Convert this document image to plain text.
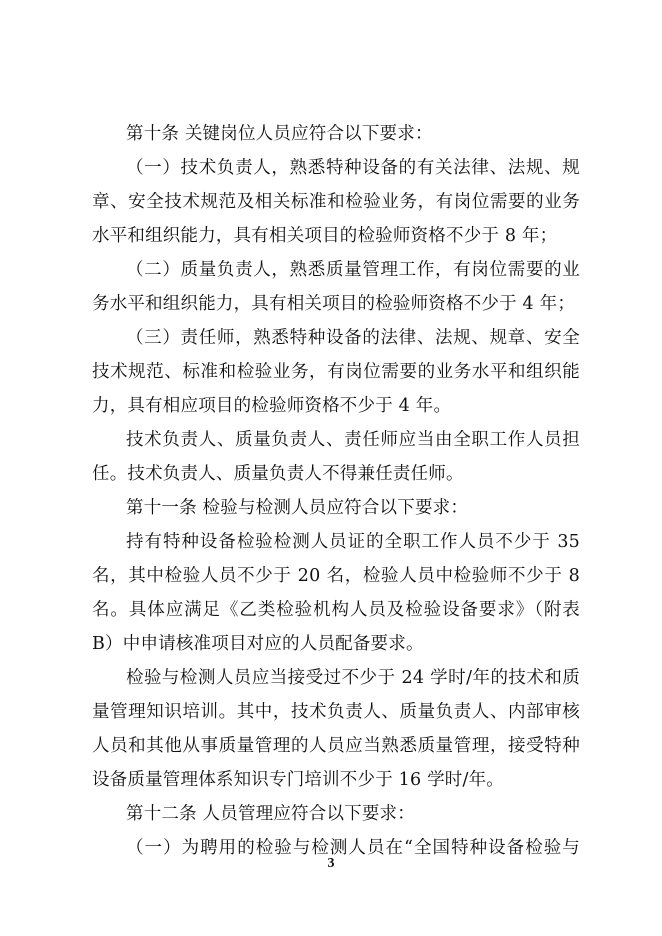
第十条 关键岗位人员应符合以下要求：
（一）技术负责人，熟悉特种设备的有关法律、法规、规
章、安全技术规范及相关标准和检验业务，有岗位需要的业务
水平和组织能力，具有相关项目的检验师资格不少于 8 年；
（二）质量负责人，熟悉质量管理工作，有岗位需要的业
务水平和组织能力，具有相关项目的检验师资格不少于 4 年；
（三）责任师，熟悉特种设备的法律、法规、规章、安全
技术规范、标准和检验业务，有岗位需要的业务水平和组织能
力，具有相应项目的检验师资格不少于 4 年。
技术负责人、质量负责人、责任师应当由全职工作人员担
任。技术负责人、质量负责人不得兼任责任师。
第十一条 检验与检测人员应符合以下要求：
持有特种设备检验检测人员证的全职工作人员不少于 35
名，其中检验人员不少于 20 名，检验人员中检验师不少于 8
名。具体应满足《乙类检验机构人员及检验设备要求》（附表
B）中申请核准项目对应的人员配备要求。
检验与检测人员应当接受过不少于 24 学时/年的技术和质
量管理知识培训。其中，技术负责人、质量负责人、内部审核
人员和其他从事质量管理的人员应当熟悉质量管理，接受特种
设备质量管理体系知识专门培训不少于 16 学时/年。
第十二条 人员管理应符合以下要求：
（一）为聘用的检验与检测人员在“全国特种设备检验与
3
